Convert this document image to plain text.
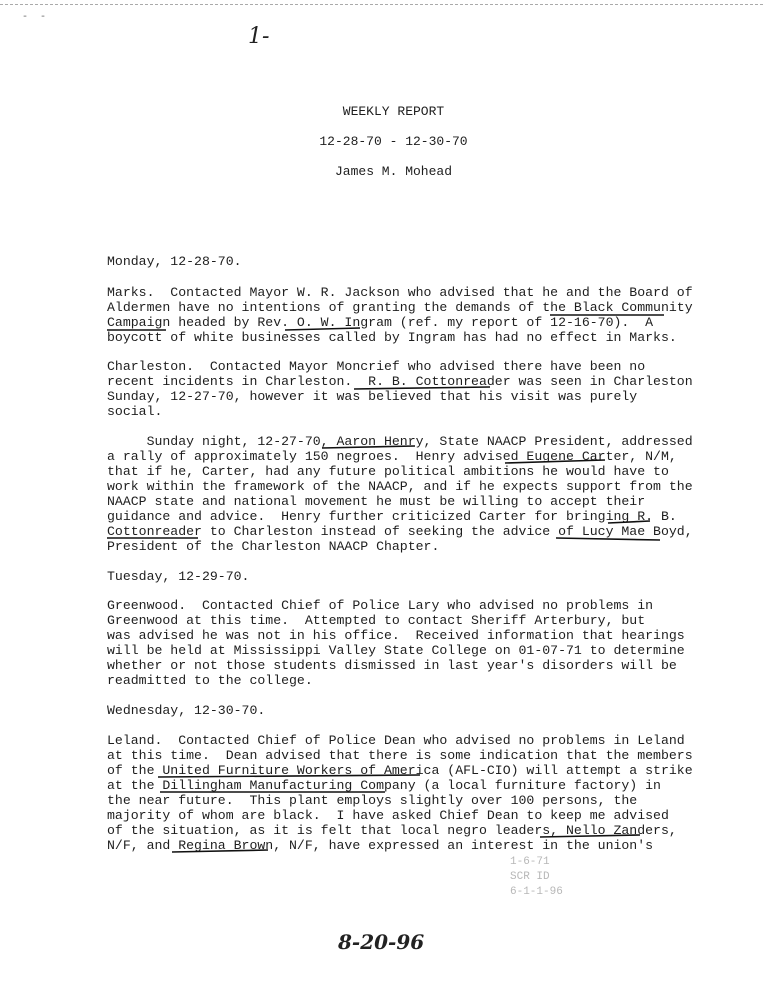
- -
1-
WEEKLY REPORT
12-28-70 - 12-30-70
James M. Mohead
Monday, 12-28-70.
Marks.  Contacted Mayor W. R. Jackson who advised that he and the Board of
Aldermen have no intentions of granting the demands of the Black Community
Campaign headed by Rev. O. W. Ingram (ref. my report of 12-16-70).  A
boycott of white businesses called by Ingram has had no effect in Marks.
Charleston.  Contacted Mayor Moncrief who advised there have been no
recent incidents in Charleston.  R. B. Cottonreader was seen in Charleston
Sunday, 12-27-70, however it was believed that his visit was purely
social.
Sunday night, 12-27-70, Aaron Henry, State NAACP President, addressed
a rally of approximately 150 negroes.  Henry advised Eugene Carter, N/M,
that if he, Carter, had any future political ambitions he would have to
work within the framework of the NAACP, and if he expects support from the
NAACP state and national movement he must be willing to accept their
guidance and advice.  Henry further criticized Carter for bringing R. B.
Cottonreader to Charleston instead of seeking the advice of Lucy Mae Boyd,
President of the Charleston NAACP Chapter.
Tuesday, 12-29-70.
Greenwood.  Contacted Chief of Police Lary who advised no problems in
Greenwood at this time.  Attempted to contact Sheriff Arterbury, but
was advised he was not in his office.  Received information that hearings
will be held at Mississippi Valley State College on 01-07-71 to determine
whether or not those students dismissed in last year's disorders will be
readmitted to the college.
Wednesday, 12-30-70.
Leland.  Contacted Chief of Police Dean who advised no problems in Leland
at this time.  Dean advised that there is some indication that the members
of the United Furniture Workers of America (AFL-CIO) will attempt a strike
at the Dillingham Manufacturing Company (a local furniture factory) in
the near future.  This plant employs slightly over 100 persons, the
majority of whom are black.  I have asked Chief Dean to keep me advised
of the situation, as it is felt that local negro leaders, Nello Zanders,
N/F, and Regina Brown, N/F, have expressed an interest in the union's
1-6-71
SCR ID
6-1-1-96
8-20-96
